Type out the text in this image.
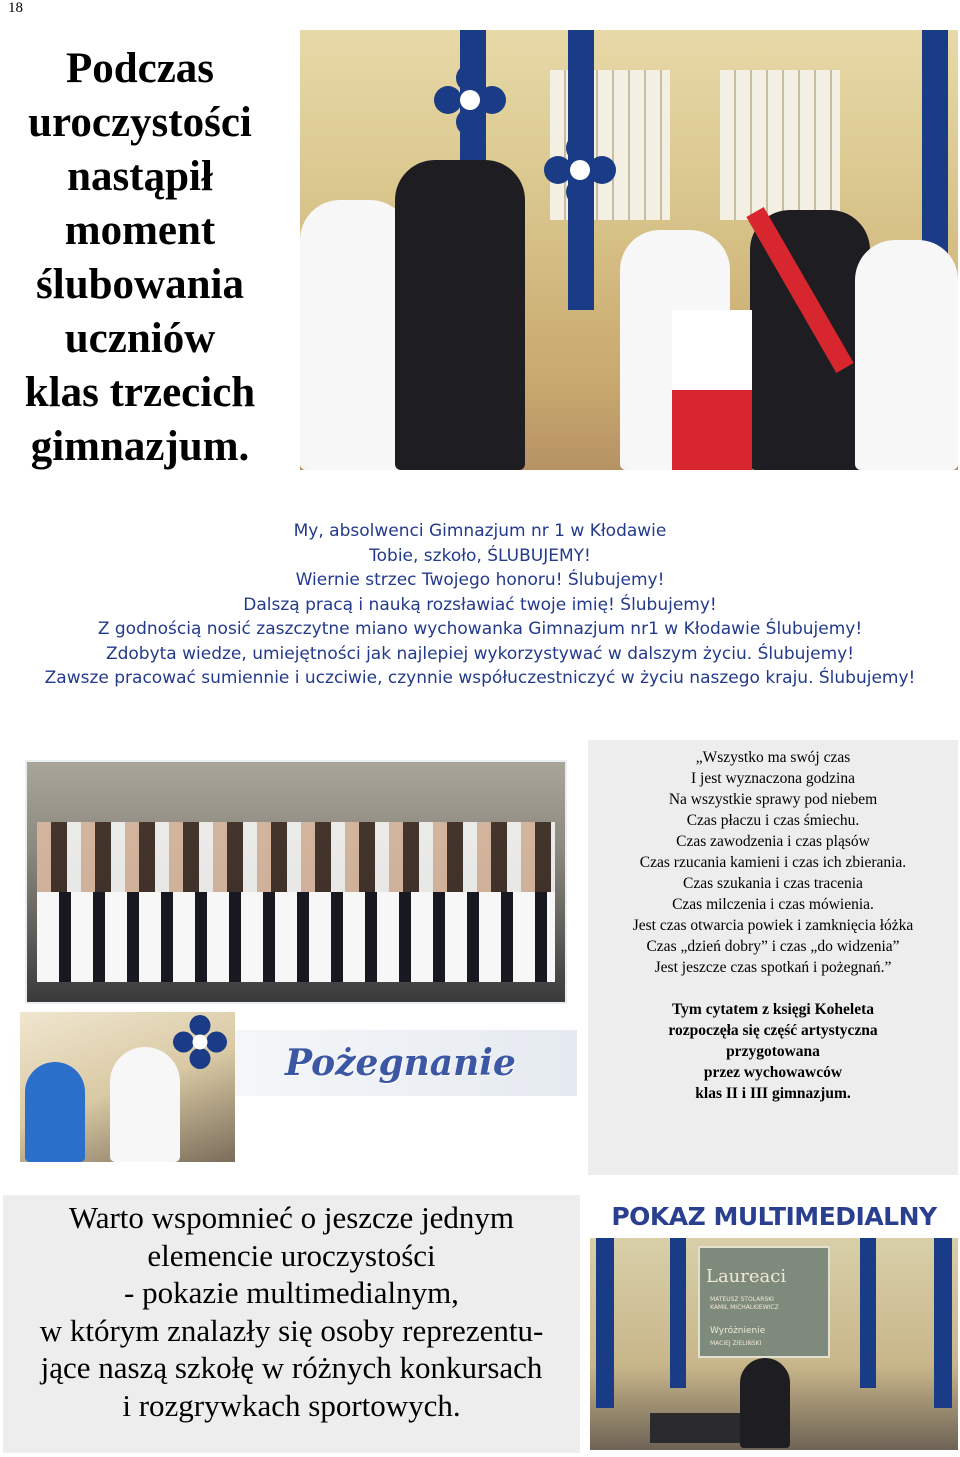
18
Podczas
uroczystości
nastąpił
moment
ślubowania
uczniów
klas trzecich
gimnazjum.
My, absolwenci Gimnazjum nr 1 w Kłodawie
Tobie, szkoło, ŚLUBUJEMY!
Wiernie strzec Twojego honoru! Ślubujemy!
Dalszą pracą i nauką rozsławiać twoje imię! Ślubujemy!
Z godnością nosić zaszczytne miano wychowanka Gimnazjum nr1 w Kłodawie Ślubujemy!
Zdobyta wiedze, umiejętności jak najlepiej wykorzystywać w dalszym życiu. Ślubujemy!
Zawsze pracować sumiennie i uczciwie, czynnie współuczestniczyć w życiu naszego kraju. Ślubujemy!
Pożegnanie
„Wszystko ma swój czas
I jest wyznaczona godzina
Na wszystkie sprawy pod niebem
Czas płaczu i czas śmiechu.
Czas zawodzenia i czas pląsów
Czas rzucania kamieni i czas ich zbierania.
Czas szukania i czas tracenia
Czas milczenia i czas mówienia.
Jest czas otwarcia powiek i zamknięcia łóżka
Czas „dzień dobry” i czas „do widzenia”
Jest jeszcze czas spotkań i pożegnań.”
Tym cytatem z księgi Koheleta
rozpoczęła się część artystyczna
przygotowana
przez wychowawców
klas II i III gimnazjum.
Warto wspomnieć o jeszcze jednym
elemencie uroczystości
- pokazie multimedialnym,
w którym znalazły się osoby reprezentu-
jące naszą szkołę w różnych konkursach
i rozgrywkach sportowych.
POKAZ MULTIMEDIALNY
Laureaci
MATEUSZ STOLARSKI
KAMIL MICHALKIEWICZ
Wyróżnienie
MACIEJ ZIELIŃSKI
